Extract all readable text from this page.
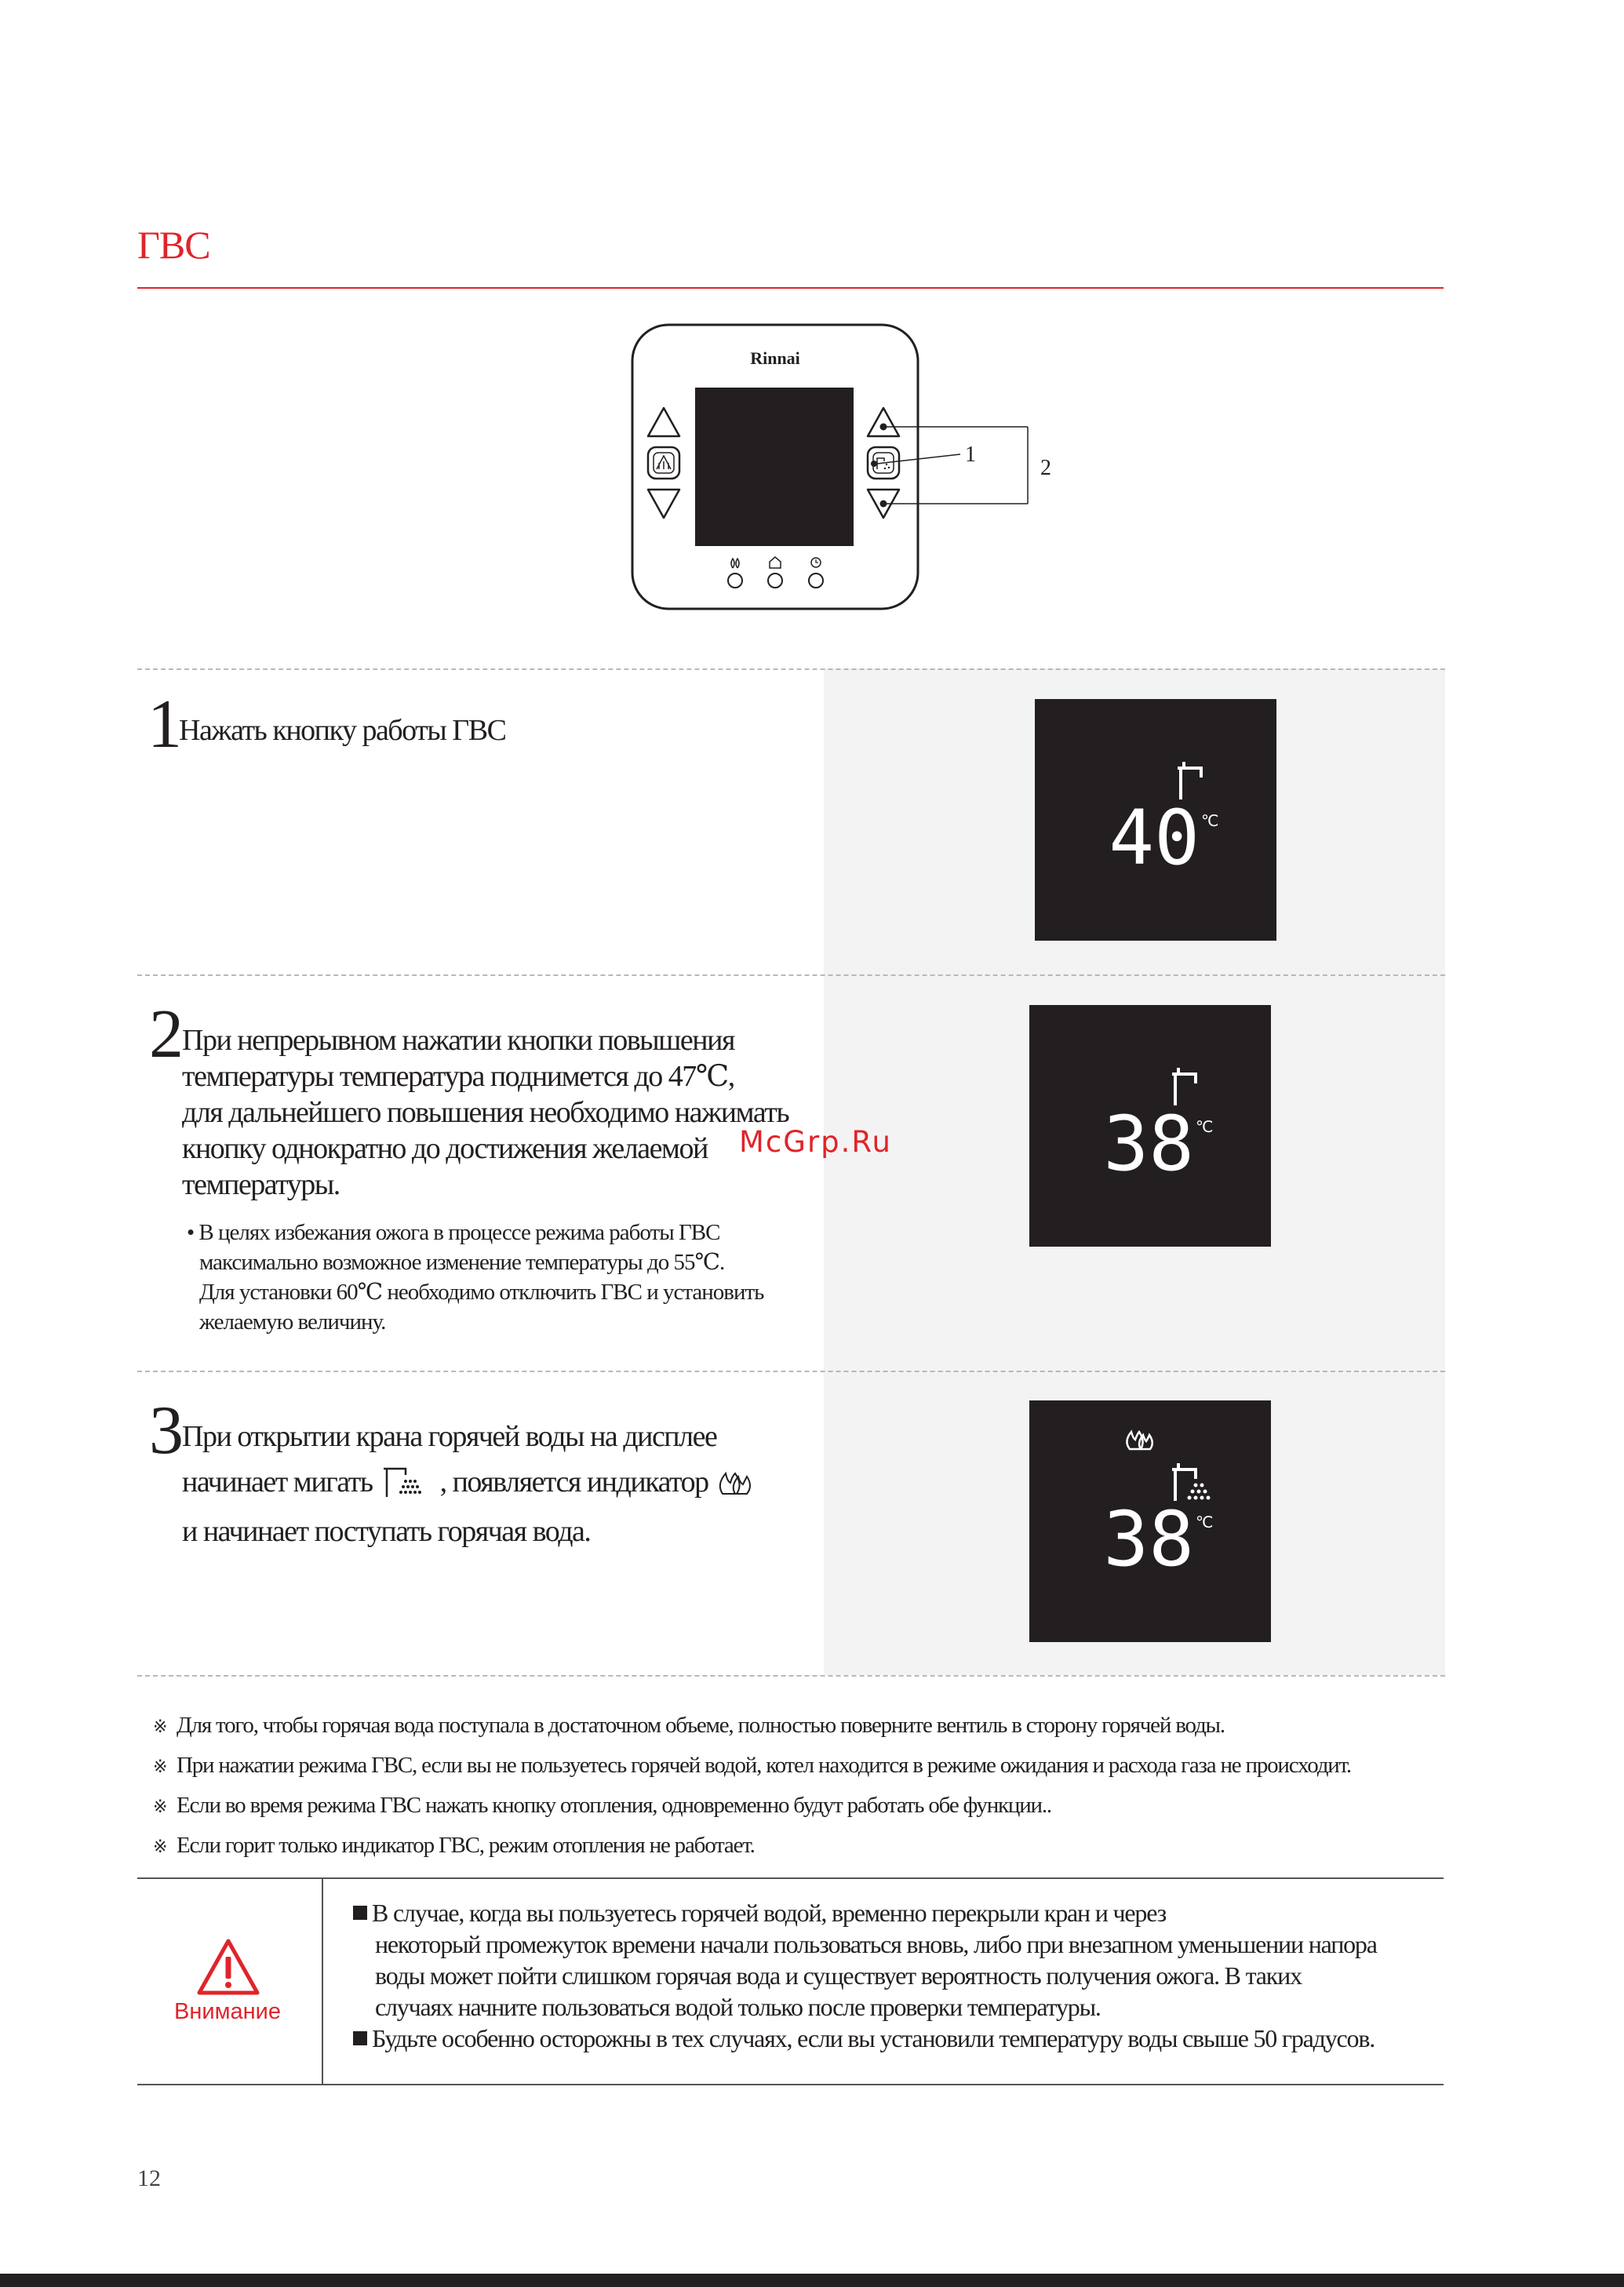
ГВС
Rinnai
1
2
1 Нажать кнопку работы ГВС
40 ℃
2 При непрерывном нажатии кнопки повышения
температуры температура поднимется до 47℃,
для дальнейшего повышения необходимо нажимать
кнопку однократно до достижения желаемой
температуры.
• В целях избежания ожога в процессе режима работы ГВС
максимально возможное изменение температуры до 55℃.
Для установки 60℃ необходимо отключить ГВС и установить
желаемую величину.
McGrp.Ru	38 ℃
3 При открытии крана горячей воды на дисплее
начинает мигать , появляется индикатор
и начинает поступать горячая вода.	38 ℃
※ Для того, чтобы горячая вода поступала в достаточном объеме, полностью поверните вентиль в сторону горячей воды.
※ При нажатии режима ГВС, если вы не пользуетесь горячей водой, котел находится в режиме ожидания и расхода газа не происходит.
※ Если во время режима ГВС нажать кнопку отопления, одновременно будут работать обе функции..
※ Если горит только индикатор ГВС, режим отопления не работает.
Внимание

В случае, когда вы пользуетесь горячей водой, временно перекрыли кран и через

некоторый промежуток времени начали пользоваться вновь, либо при внезапном уменьшении напора

воды может пойти слишком горячая вода и существует вероятность получения ожога. В таких

случаях начните пользоваться водой только после проверки температуры.

Будьте особенно осторожны в тех случаях, если вы установили температуру воды свыше 50 градусов.

12
